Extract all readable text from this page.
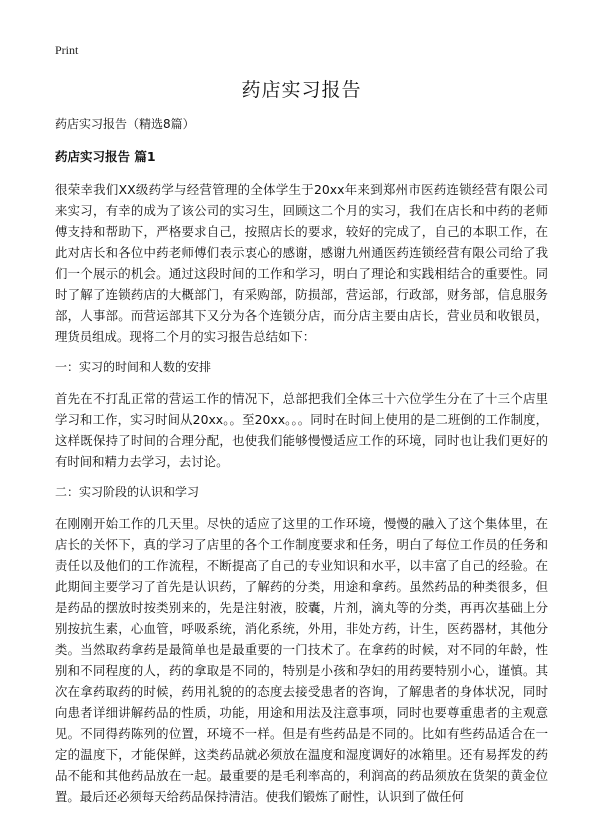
Print
药店实习报告
药店实习报告（精选8篇）
药店实习报告 篇1

很荣幸我们XX级药学与经营管理的全体学生于20xx年来到郑州市医药连锁经营有限公司来实习，有幸的成为了该公司的实习生，回顾这二个月的实习，我们在店长和中药的老师傅支持和帮助下，严格要求自己，按照店长的要求，较好的完成了，自己的本职工作，在此对店长和各位中药老师傅们表示衷心的感谢，感谢九州通医药连锁经营有限公司给了我们一个展示的机会。通过这段时间的工作和学习，明白了理论和实践相结合的重要性。同时了解了连锁药店的大概部门，有采购部，防损部，营运部，行政部，财务部，信息服务部，人事部。而营运部其下又分为各个连锁分店，而分店主要由店长，营业员和收银员，理货员组成。现将二个月的实习报告总结如下：

一：实习的时间和人数的安排

首先在不打乱正常的营运工作的情况下，总部把我们全体三十六位学生分在了十三个店里学习和工作，实习时间从20xx。。至20xx。。。同时在时间上使用的是二班倒的工作制度，这样既保持了时间的合理分配，也使我们能够慢慢适应工作的环境，同时也让我们更好的有时间和精力去学习，去讨论。

二：实习阶段的认识和学习

在刚刚开始工作的几天里。尽快的适应了这里的工作环境，慢慢的融入了这个集体里，在店长的关怀下，真的学习了店里的各个工作制度要求和任务，明白了每位工作员的任务和责任以及他们的工作流程，不断提高了自己的专业知识和水平，以丰富了自己的经验。在此期间主要学习了首先是认识药，了解药的分类，用途和拿药。虽然药品的种类很多，但是药品的摆放时按类别来的，先是注射液，胶囊，片剂，滴丸等的分类，再再次基础上分别按抗生素，心血管，呼吸系统，消化系统，外用，非处方药，计生，医药器材，其他分类。当然取药拿药是最简单也是最重要的一门技术了。在拿药的时候，对不同的年龄，性别和不同程度的人，药的拿取是不同的，特别是小孩和孕妇的用药要特别小心，谨慎。其次在拿药取药的时候，药用礼貌的的态度去接受患者的咨询，了解患者的身体状况，同时向患者详细讲解药品的性质，功能，用途和用法及注意事项，同时也要尊重患者的主观意见。不同得药陈列的位置，环境不一样。但是有些药品是不同的。比如有些药品适合在一定的温度下，才能保鲜，这类药品就必须放在温度和湿度调好的冰箱里。还有易挥发的药品不能和其他药品放在一起。最重要的是毛利率高的，利润高的药品须放在货架的黄金位置。最后还必须每天给药品保持清洁。使我们锻炼了耐性，认识到了做任何
